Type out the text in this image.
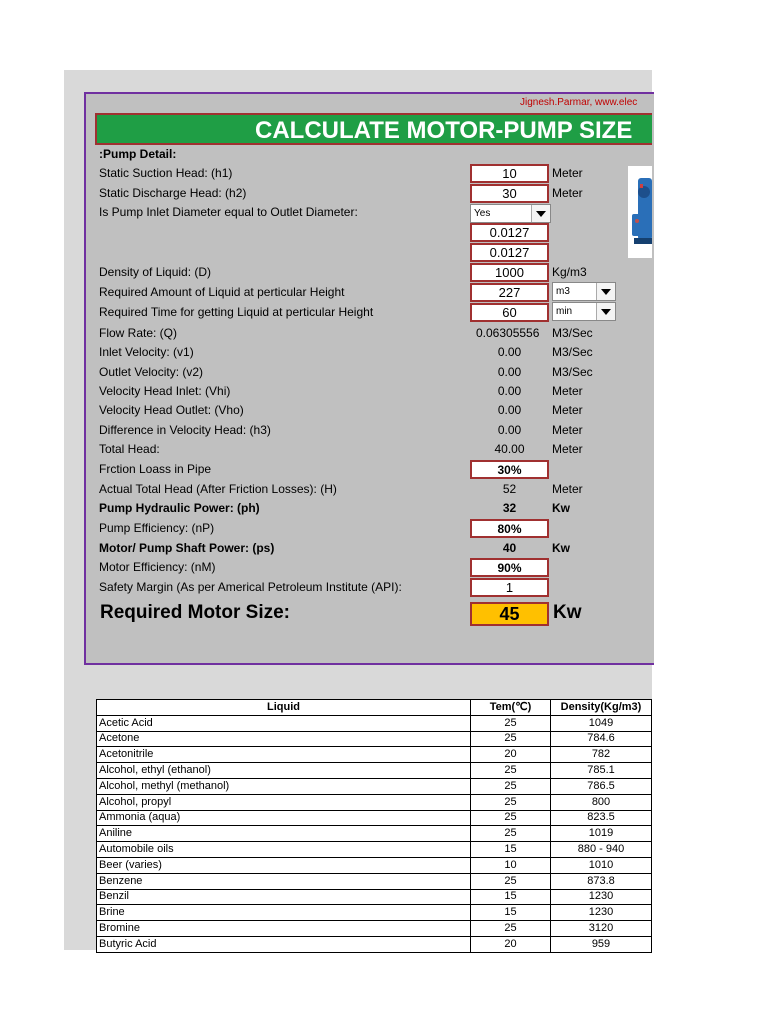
Jignesh.Parmar, www.elec
CALCULATE MOTOR-PUMP SIZE
:Pump Detail:
Static Suction Head: (h1)	10	Meter
Static Discharge Head: (h2)	30	Meter
Is Pump Inlet Diameter equal to Outlet Diameter:	Yes
0.0127
0.0127
Density of Liquid: (D)	1000	Kg/m3
Required Amount of Liquid at perticular Height	227	m3
Required Time for getting Liquid at perticular Height	60	min
Flow Rate: (Q)	0.06305556 M3/Sec
Inlet Velocity: (v1)	0.00	M3/Sec
Outlet Velocity: (v2)	0.00	M3/Sec
Velocity Head Inlet: (Vhi)	0.00	Meter
Velocity Head Outlet: (Vho)	0.00	Meter
Difference in Velocity Head: (h3)	0.00	Meter
Total Head:	40.00	Meter
Frction Loass in Pipe	30%
Actual Total Head (After Friction Losses): (H)	52	Meter
Pump Hydraulic Power: (ph)	32	Kw
Pump Efficiency: (nP)	80%
Motor/ Pump Shaft Power: (ps)	40	Kw
Motor Efficiency: (nM)	90%
Safety Margin (As per Americal Petroleum Institute (API):	1
Required Motor Size:	45	Kw
Liquid	Tem(℃)	Density(Kg/m3)
Acetic Acid	25	1049
Acetone	25	784.6
Acetonitrile	20	782
Alcohol, ethyl (ethanol)	25	785.1
Alcohol, methyl (methanol)	25	786.5
Alcohol, propyl	25	800
Ammonia (aqua)	25	823.5
Aniline	25	1019
Automobile oils	15	880 - 940
Beer (varies)	10	1010
Benzene	25	873.8
Benzil	15	1230
Brine	15	1230
Bromine	25	3120
Butyric Acid	20	959
